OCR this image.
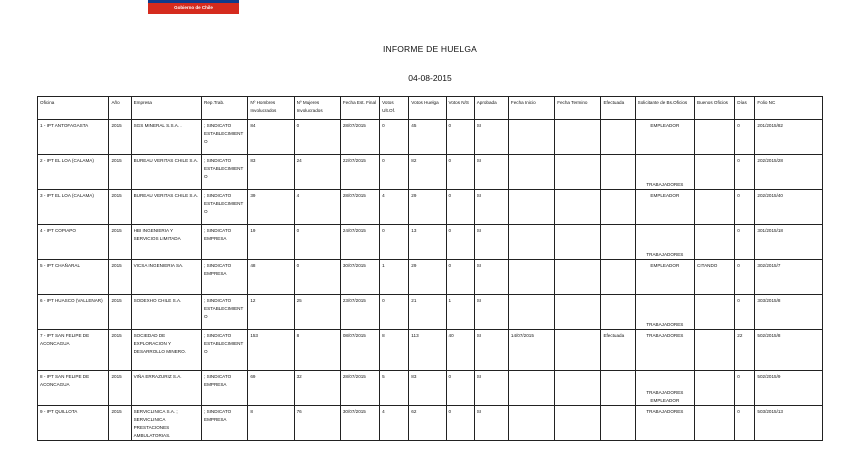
Gobierno de Chile
INFORME DE HUELGA
04-08-2015
Oficina	Año	Empresa	Rep.Trab.	Nº Hombres Involucrados	Nº Mujeres Involucrados	Fecha Est. Final	Votos Ult.Of.	Votos Huelga	Votos N/S	Aprobada	Fecha Inicio	Fecha Termino	Efectuada	Solicitante de Bs.Oficios	Buenos Oficios	Días	Folio NC
1 - IPT ANTOFAGASTA	2015	SGS MINERAL S.S.A. .	; SINDICATO ESTABLECIMIENTO	84	0	28/07/2015	0	45	0	SI				EMPLEADOR		0	201/2015/82
2 - IPT EL LOA (CALAMA)	2015	BUREAU VERITAS CHILE S.A.	; SINDICATO ESTABLECIMIENTO	83	24	22/07/2015	0	82	0	SI				TRABAJADORES		0	202/2015/28
3 - IPT EL LOA (CALAMA)	2015	BUREAU VERITAS CHILE S.A.	; SINDICATO ESTABLECIMIENTO	39	4	28/07/2015	4	29	0	SI				EMPLEADOR		0	202/2015/40
4 - IPT COPIAPO	2015	HBI INGENIERIA Y SERVICIOS LIMITADA	; SINDICATO EMPRESA	19	0	24/07/2015	0	13	0	SI				TRABAJADORES		0	301/2015/18
5 - IPT CHAÑARAL	2015	VICSA INGENIERIA SA.	; SINDICATO EMPRESA	48	0	30/07/2015	1	29	0	SI				EMPLEADOR	CITANDO	0	302/2015/7
6 - IPT HUASCO (VALLENAR)	2015	SODEXHO CHILE S.A.	; SINDICATO ESTABLECIMIENTO	12	25	23/07/2015	0	21	1	SI				TRABAJADORES		0	303/2015/8
7 - IPT SAN FELIPE DE ACONCAGUA	2015	SOCIEDAD DE EXPLORACION Y DESARROLLO MINERO.	; SINDICATO ESTABLECIMIENTO	153	8	08/07/2015	8	113	40	SI	14/07/2015		Efectuada	TRABAJADORES		22	502/2015/8
8 - IPT SAN FELIPE DE ACONCAGUA	2015	VIÑA ERRAZURIZ S.A.	; SINDICATO EMPRESA	69	32	28/07/2015	5	83	0	SI				TRABAJADORES EMPLEADOR		0	502/2015/9
9 - IPT QUILLOTA	2015	SERVICLINICA S.A. ; SERVICLINICA PRESTACIONES AMBULATORIAS.	; SINDICATO EMPRESA	8	76	30/07/2015	4	62	0	SI				TRABAJADORES		0	503/2015/13
